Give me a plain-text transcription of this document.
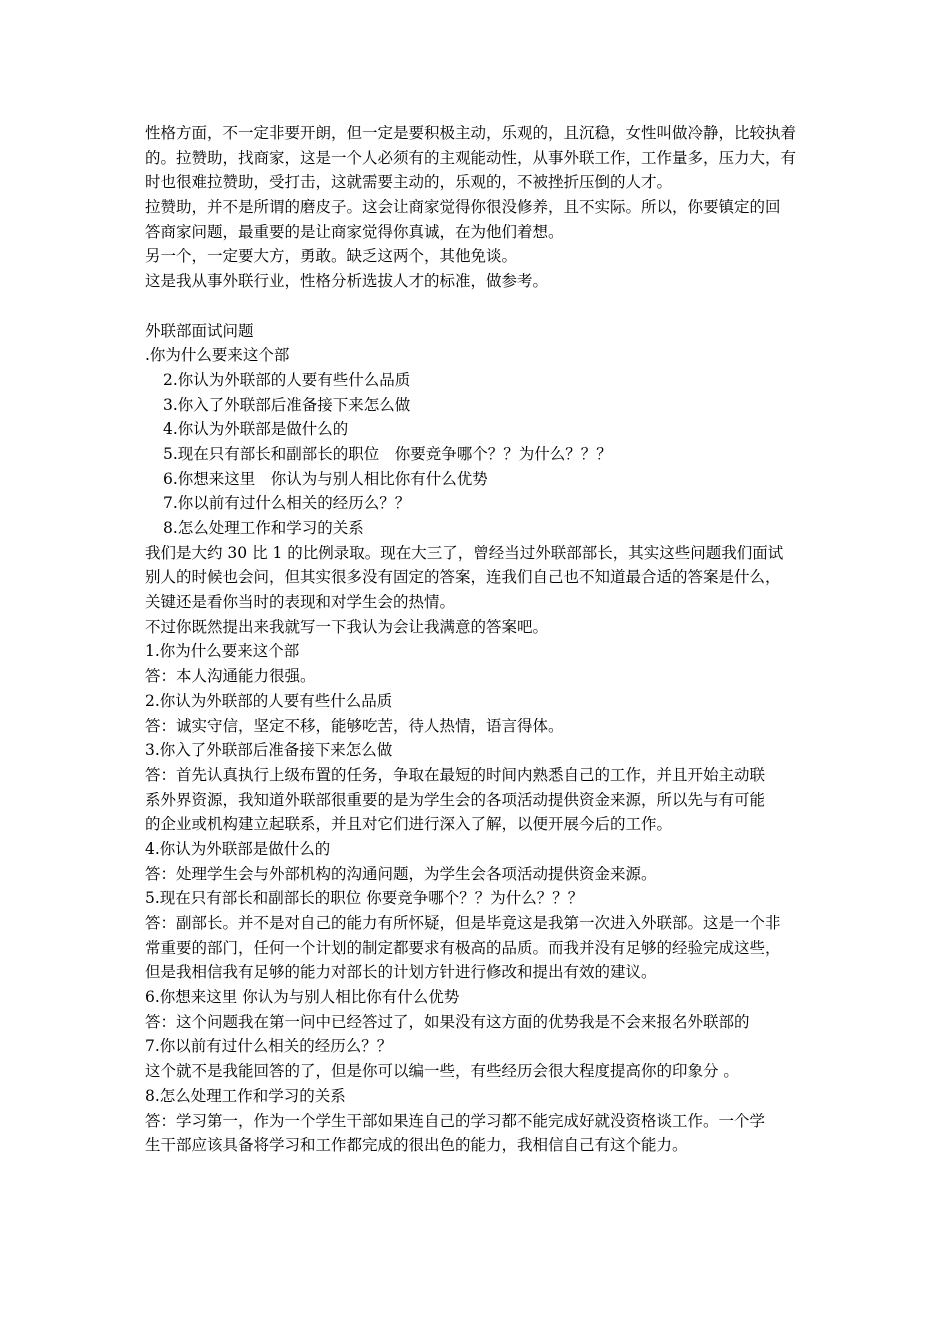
性格方面，不一定非要开朗，但一定是要积极主动，乐观的，且沉稳，女性叫做冷静，比较执着
的。拉赞助，找商家，这是一个人必须有的主观能动性，从事外联工作，工作量多，压力大，有
时也很难拉赞助，受打击，这就需要主动的，乐观的，不被挫折压倒的人才。
拉赞助，并不是所谓的磨皮子。这会让商家觉得你很没修养，且不实际。所以，你要镇定的回
答商家问题，最重要的是让商家觉得你真诚，在为他们着想。
另一个，一定要大方，勇敢。缺乏这两个，其他免谈。
这是我从事外联行业，性格分析选拔人才的标准，做参考。
外联部面试问题
.你为什么要来这个部
2.你认为外联部的人要有些什么品质
3.你入了外联部后准备接下来怎么做
4.你认为外联部是做什么的
5.现在只有部长和副部长的职位　你要竞争哪个？？为什么？？？
6.你想来这里　你认为与别人相比你有什么优势
7.你以前有过什么相关的经历么？？
8.怎么处理工作和学习的关系
我们是大约 30 比 1 的比例录取。现在大三了，曾经当过外联部部长，其实这些问题我们面试
别人的时候也会问，但其实很多没有固定的答案，连我们自己也不知道最合适的答案是什么，
关键还是看你当时的表现和对学生会的热情。
不过你既然提出来我就写一下我认为会让我满意的答案吧。
1.你为什么要来这个部
答：本人沟通能力很强。
2.你认为外联部的人要有些什么品质
答：诚实守信，坚定不移，能够吃苦，待人热情，语言得体。
3.你入了外联部后准备接下来怎么做
答：首先认真执行上级布置的任务，争取在最短的时间内熟悉自己的工作，并且开始主动联
系外界资源，我知道外联部很重要的是为学生会的各项活动提供资金来源，所以先与有可能
的企业或机构建立起联系，并且对它们进行深入了解，以便开展今后的工作。
4.你认为外联部是做什么的
答：处理学生会与外部机构的沟通问题，为学生会各项活动提供资金来源。
5.现在只有部长和副部长的职位 你要竞争哪个？？为什么？？？
答：副部长。并不是对自己的能力有所怀疑，但是毕竟这是我第一次进入外联部。这是一个非
常重要的部门，任何一个计划的制定都要求有极高的品质。而我并没有足够的经验完成这些，
但是我相信我有足够的能力对部长的计划方针进行修改和提出有效的建议。
6.你想来这里 你认为与别人相比你有什么优势
答：这个问题我在第一问中已经答过了，如果没有这方面的优势我是不会来报名外联部的
7.你以前有过什么相关的经历么？？
这个就不是我能回答的了，但是你可以编一些，有些经历会很大程度提高你的印象分 。
8.怎么处理工作和学习的关系
答：学习第一，作为一个学生干部如果连自己的学习都不能完成好就没资格谈工作。一个学
生干部应该具备将学习和工作都完成的很出色的能力，我相信自己有这个能力。
